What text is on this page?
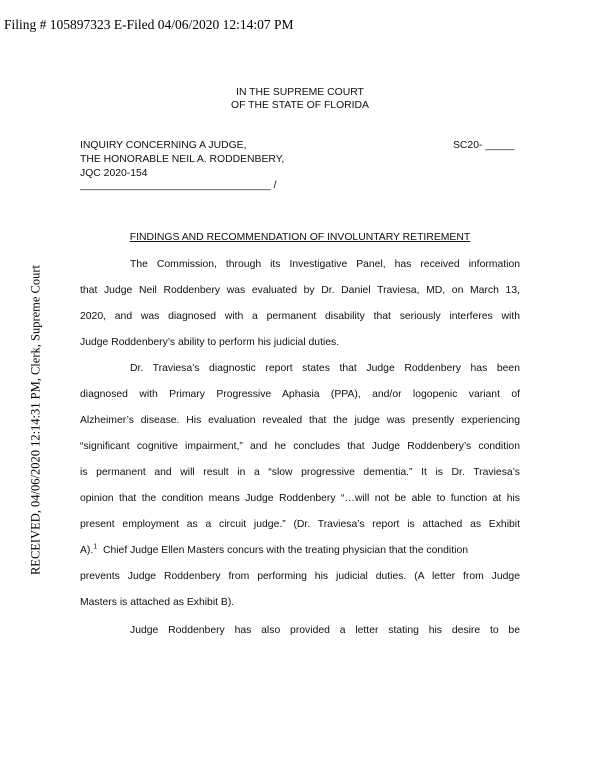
Filing # 105897323 E-Filed 04/06/2020 12:14:07 PM
RECEIVED, 04/06/2020 12:14:31 PM, Clerk, Supreme Court
IN THE SUPREME COURT
OF THE STATE OF FLORIDA
INQUIRY CONCERNING A JUDGE,
THE HONORABLE NEIL A. RODDENBERY,
JQC 2020-154
_________________________________ /
SC20- _____
FINDINGS AND RECOMMENDATION OF INVOLUNTARY RETIREMENT
The Commission, through its Investigative Panel, has received information
that Judge Neil Roddenbery was evaluated by Dr. Daniel Traviesa, MD, on March 13,
2020, and was diagnosed with a permanent disability that seriously interferes with
Judge Roddenbery’s ability to perform his judicial duties.
Dr. Traviesa’s diagnostic report states that Judge Roddenbery has been
diagnosed with Primary Progressive Aphasia (PPA), and/or logopenic variant of
Alzheimer’s disease. His evaluation revealed that the judge was presently experiencing
“significant cognitive impairment,” and he concludes that Judge Roddenbery’s condition
is permanent and will result in a “slow progressive dementia.” It is Dr. Traviesa’s
opinion that the condition means Judge Roddenbery “…will not be able to function at his
present employment as a circuit judge.” (Dr. Traviesa’s report is attached as Exhibit
A).$^1$ Chief Judge Ellen Masters concurs with the treating physician that the condition
prevents Judge Roddenbery from performing his judicial duties. (A letter from Judge
Masters is attached as Exhibit B).
Judge Roddenbery has also provided a letter stating his desire to be
